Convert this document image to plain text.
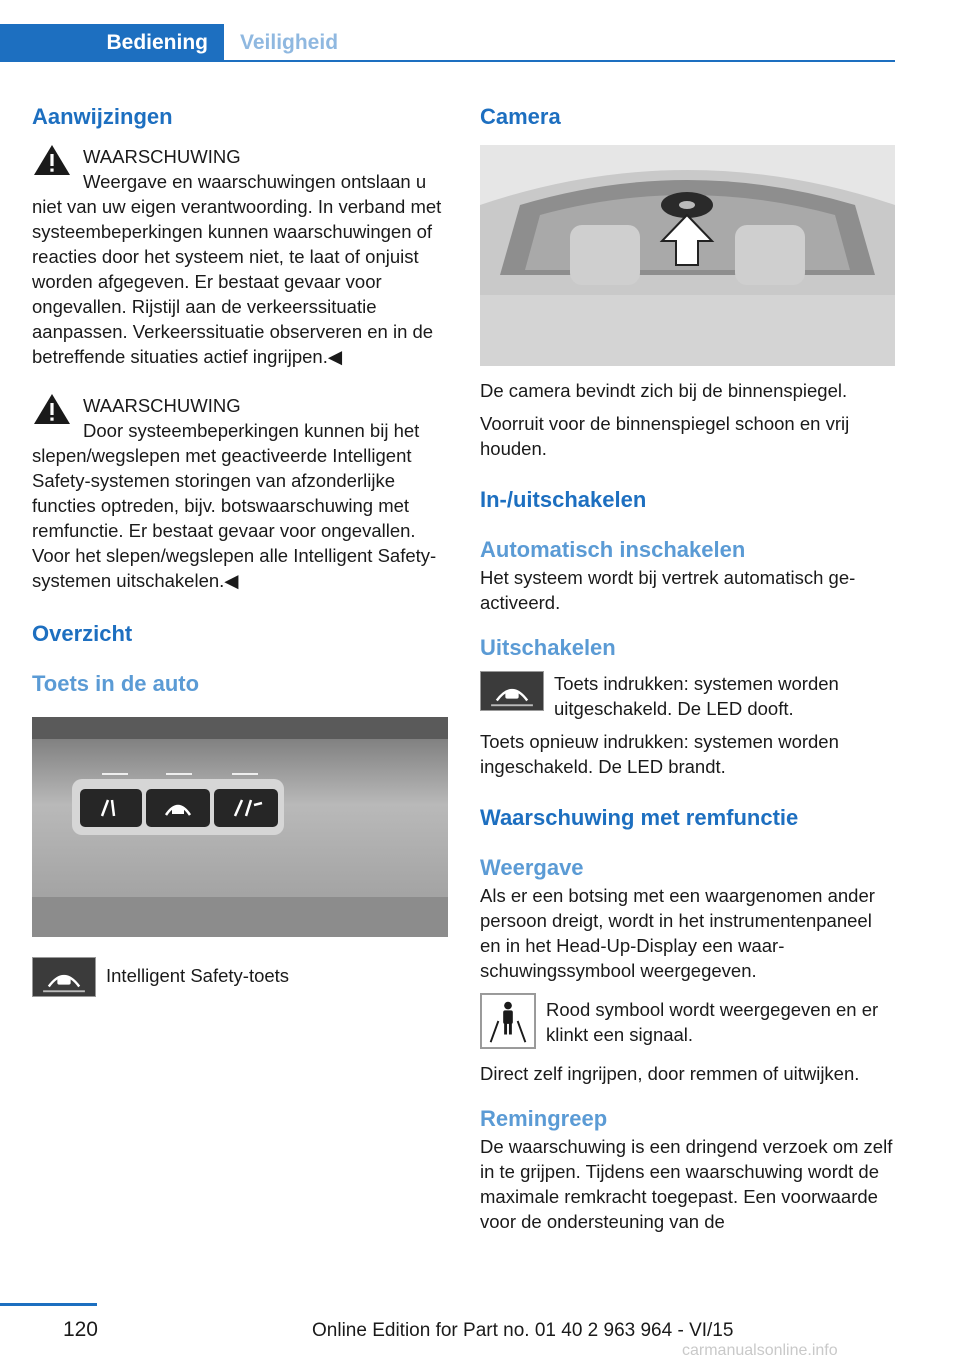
Bediening	Veiligheid
Aanwijzingen

WAARSCHUWING

Weergave en waarschuwingen ontslaan u niet van uw eigen verantwoording. In verband met systeembeperkingen kunnen waarschuwingen of reacties door het systeem niet, te laat of onjuist worden afgegeven. Er bestaat gevaar voor ongevallen. Rijstijl aan de verkeerssituatie aanpassen. Verkeerssituatie observeren en in de betreffende situaties actief ingrijpen.◀

WAARSCHUWING

Door systeembeperkingen kunnen bij het slepen/wegslepen met geactiveerde Intelligent Safety-systemen storingen van afzonderlijke functies optreden, bijv. botswaarschuwing met remfunctie. Er bestaat gevaar voor ongevallen. Voor het slepen/wegslepen alle Intelligent Safety-systemen uitschakelen.◀

Overzicht
Toets in de auto

Intelligent Safety-toets

Camera

De camera bevindt zich bij de binnenspiegel.

Voorruit voor de binnenspiegel schoon en vrij houden.

In-/uitschakelen
Automatisch inschakelen

Het systeem wordt bij vertrek automatisch geactiveerd.

Uitschakelen

Toets indrukken: systemen worden uitgeschakeld. De LED dooft.

Toets opnieuw indrukken: systemen worden ingeschakeld. De LED brandt.

Waarschuwing met remfunctie
Weergave

Als er een botsing met een waargenomen ander persoon dreigt, wordt in het instrumentenpaneel en in het Head-Up-Display een waarschuwingssymbool weergegeven.

Rood symbool wordt weergegeven en er klinkt een signaal.

Direct zelf ingrijpen, door remmen of uitwijken.

Remingreep

De waarschuwing is een dringend verzoek om zelf in te grijpen. Tijdens een waarschuwing wordt de maximale remkracht toegepast. Een voorwaarde voor de ondersteuning van de

120	Online Edition for Part no. 01 40 2 963 964 - VI/15
carmanualsonline.info
